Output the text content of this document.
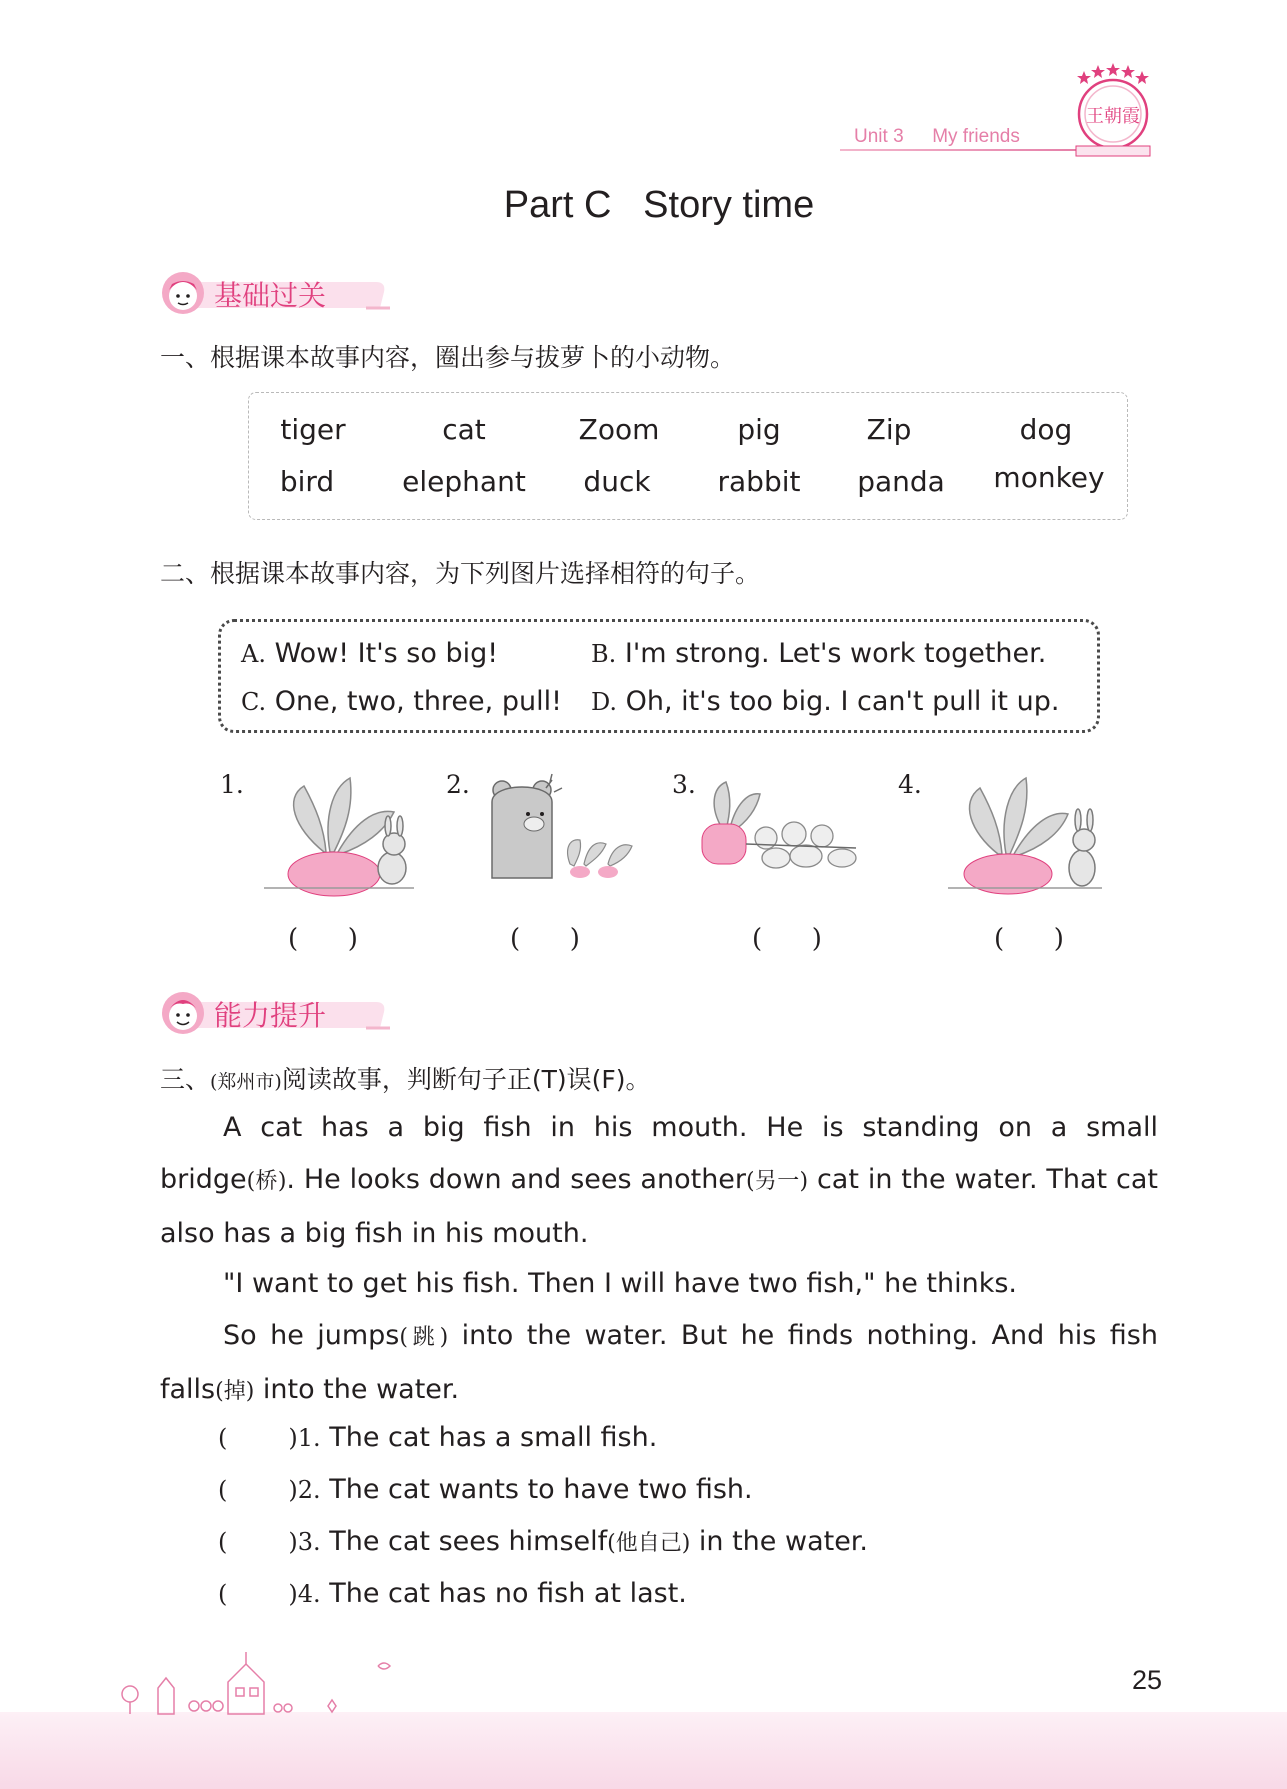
Unit 3 My friends
王朝霞
Part C   Story time
基础过关
一、根据课本故事内容，圈出参与拔萝卜的小动物。
tiger	cat	Zoom	pig	Zip	dog
bird elephant duck rabbit panda monkey
二、根据课本故事内容，为下列图片选择相符的句子。
A. Wow! It's so big!	B. I'm strong. Let's work together.
C. One, two, three, pull! D. Oh, it's too big. I can't pull it up.
1.
(      )
2.
(      )
3.
(      )
4.
(      )
能力提升
三、(郑州市)阅读故事，判断句子正(T)误(F)。
A cat has a big fish in his mouth. He is standing on a small bridge(桥). He looks down and sees another(另一) cat in the water. That cat also has a big fish in his mouth.
"I want to get his fish. Then I will have two fish," he thinks.
So he jumps(跳) into the water. But he finds nothing. And his fish falls(掉) into the water.
(        )1. The cat has a small fish.
(        )2. The cat wants to have two fish.
(        )3. The cat sees himself(他自己) in the water.
(        )4. The cat has no fish at last.
25
